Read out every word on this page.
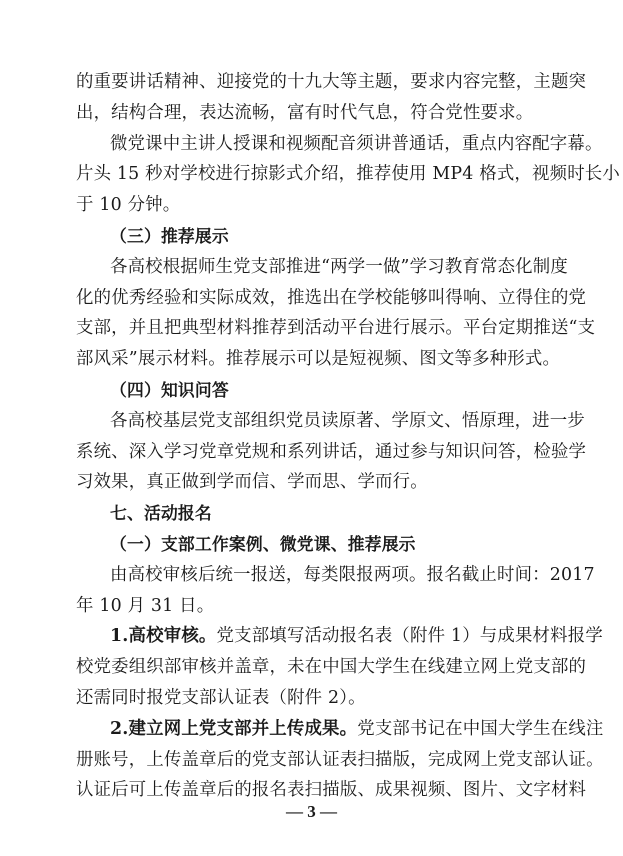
的重要讲话精神、迎接党的十九大等主题，要求内容完整，主题突
出，结构合理，表达流畅，富有时代气息，符合党性要求。
微党课中主讲人授课和视频配音须讲普通话，重点内容配字幕。
片头 15 秒对学校进行掠影式介绍，推荐使用 MP4 格式，视频时长小
于 10 分钟。
（三）推荐展示
各高校根据师生党支部推进“两学一做”学习教育常态化制度
化的优秀经验和实际成效，推选出在学校能够叫得响、立得住的党
支部，并且把典型材料推荐到活动平台进行展示。平台定期推送“支
部风采”展示材料。推荐展示可以是短视频、图文等多种形式。
（四）知识问答
各高校基层党支部组织党员读原著、学原文、悟原理，进一步
系统、深入学习党章党规和系列讲话，通过参与知识问答，检验学
习效果，真正做到学而信、学而思、学而行。
七、活动报名
（一）支部工作案例、微党课、推荐展示
由高校审核后统一报送，每类限报两项。报名截止时间：2017
年 10 月 31 日。
1.高校审核。党支部填写活动报名表（附件 1）与成果材料报学
校党委组织部审核并盖章，未在中国大学生在线建立网上党支部的
还需同时报党支部认证表（附件 2）。
2.建立网上党支部并上传成果。党支部书记在中国大学生在线注
册账号，上传盖章后的党支部认证表扫描版，完成网上党支部认证。
认证后可上传盖章后的报名表扫描版、成果视频、图片、文字材料
— 3 —
